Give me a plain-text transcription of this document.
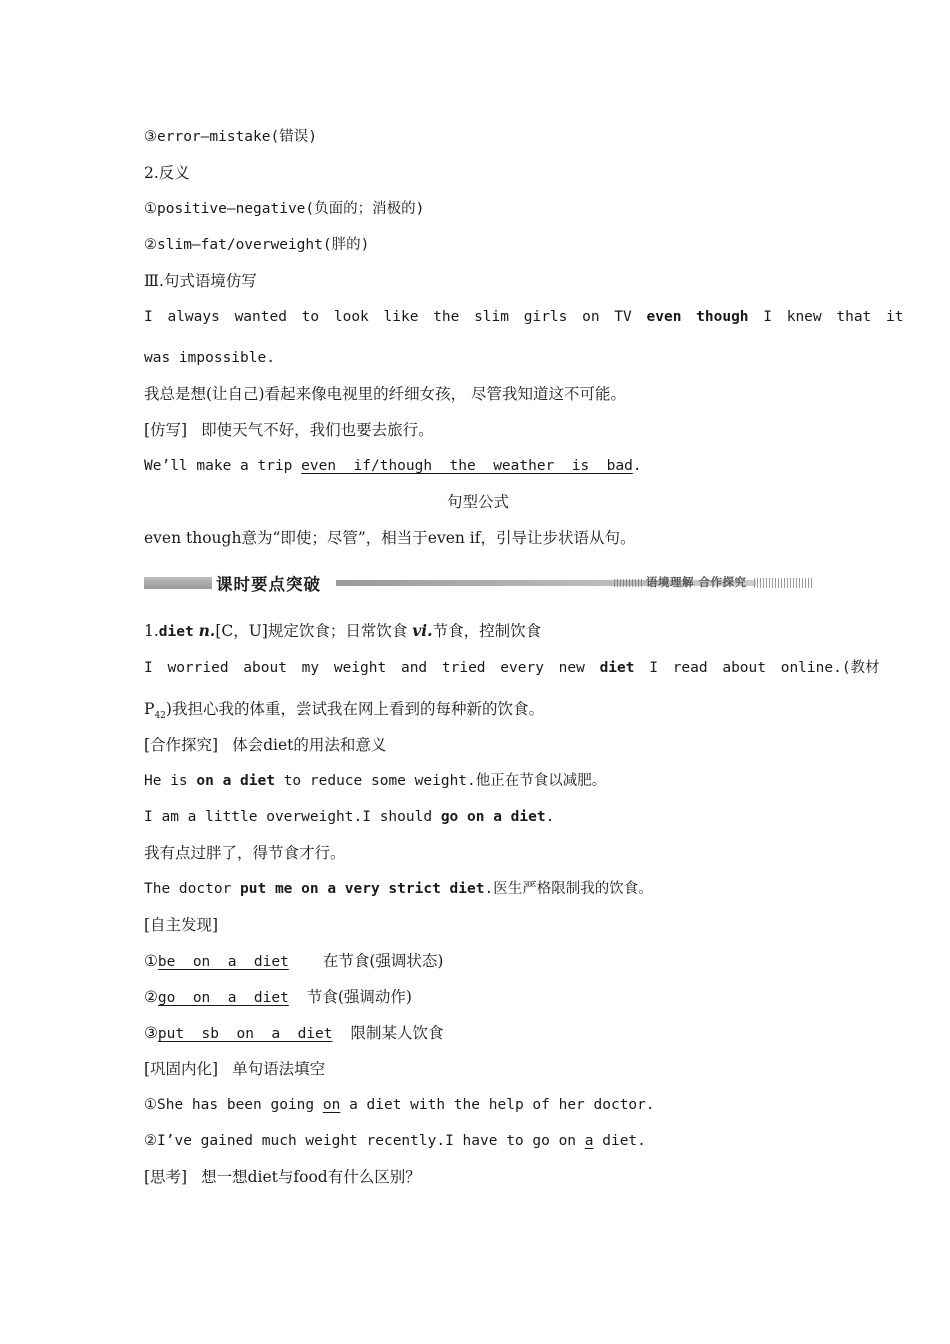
③error—mistake(错误)
2.反义
①positive—negative(负面的；消极的)
②slim—fat/overweight(胖的)
Ⅲ.句式语境仿写
I always wanted to look like the slim girls on TV even though I knew that it
was impossible.
我总是想(让自己)看起来像电视里的纤细女孩， 尽管我知道这不可能。
[仿写] 即使天气不好，我们也要去旅行。
We’ll make a trip even  if/though  the  weather  is  bad.
句型公式
even though意为“即使；尽管”，相当于even if，引导让步状语从句。
课时要点突破	语境理解 合作探究
1.diet n.[C，U]规定饮食；日常饮食 vi.节食，控制饮食
I worried about my weight and tried every new diet I read about online.(教材
$P_{42}$)我担心我的体重，尝试我在网上看到的每种新的饮食。
[合作探究] 体会diet的用法和意义
He is on a diet to reduce some weight.他正在节食以减肥。
I am a little overweight.I should go on a diet.
我有点过胖了，得节食才行。
The doctor put me on a very strict diet.医生严格限制我的饮食。
[自主发现]
①be  on  a  diet 在节食(强调状态)
②go  on  a  diet 节食(强调动作)
③put  sb  on  a  diet 限制某人饮食
[巩固内化] 单句语法填空
①She has been going on a diet with the help of her doctor.
②I’ve gained much weight recently.I have to go on a diet.
[思考] 想一想diet与food有什么区别？
